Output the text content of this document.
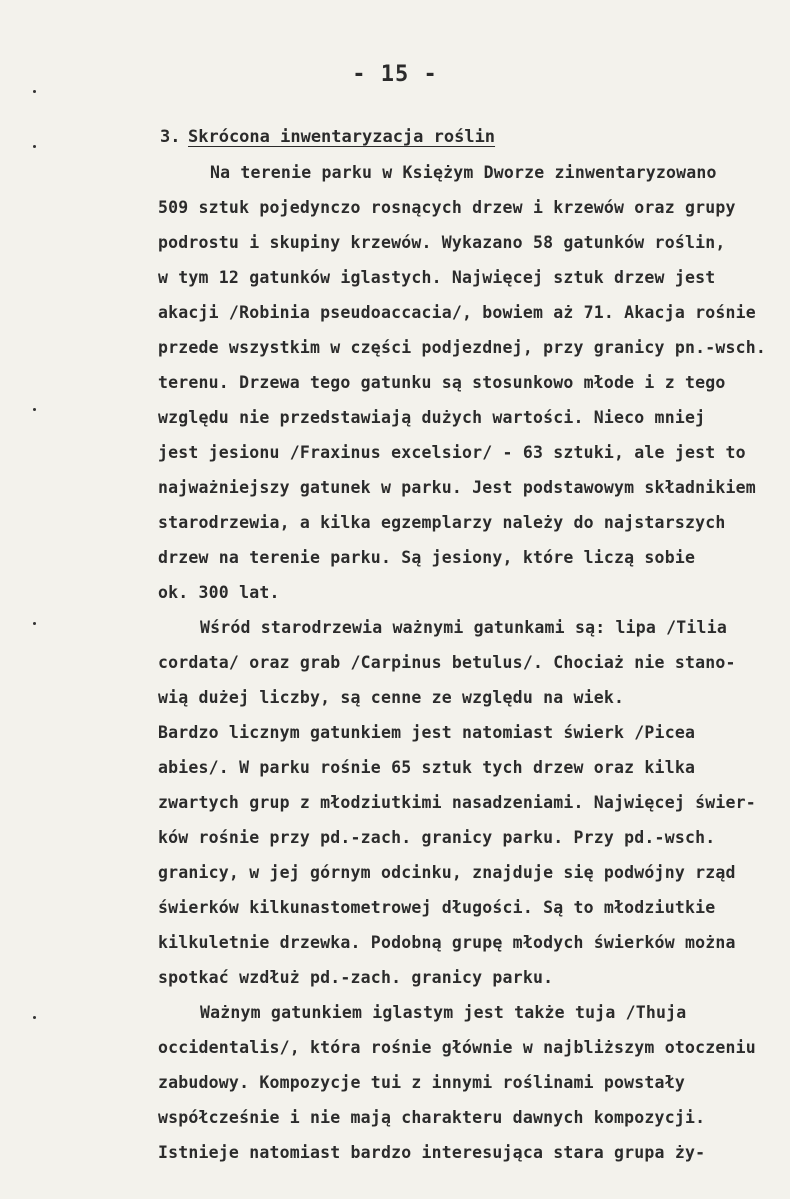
- 15 -
3. Skrócona inwentaryzacja roślin
Na terenie parku w Księżym Dworze zinwentaryzowano
509 sztuk pojedynczo rosnących drzew i krzewów oraz grupy
podrostu i skupiny krzewów. Wykazano 58 gatunków roślin,
w tym 12 gatunków iglastych. Najwięcej sztuk drzew jest
akacji /Robinia pseudoaccacia/, bowiem aż 71. Akacja rośnie
przede wszystkim w części podjezdnej, przy granicy pn.-wsch.
terenu. Drzewa tego gatunku są stosunkowo młode i z tego
względu nie przedstawiają dużych wartości. Nieco mniej
jest jesionu /Fraxinus excelsior/ - 63 sztuki, ale jest to
najważniejszy gatunek w parku. Jest podstawowym składnikiem
starodrzewia, a kilka egzemplarzy należy do najstarszych
drzew na terenie parku. Są jesiony, które liczą sobie
ok. 300 lat.
Wśród starodrzewia ważnymi gatunkami są: lipa /Tilia
cordata/ oraz grab /Carpinus betulus/. Chociaż nie stano-
wią dużej liczby, są cenne ze względu na wiek.
Bardzo licznym gatunkiem jest natomiast świerk /Picea
abies/. W parku rośnie 65 sztuk tych drzew oraz kilka
zwartych grup z młodziutkimi nasadzeniami. Najwięcej świer-
ków rośnie przy pd.-zach. granicy parku. Przy pd.-wsch.
granicy, w jej górnym odcinku, znajduje się podwójny rząd
świerków kilkunastometrowej długości. Są to młodziutkie
kilkuletnie drzewka. Podobną grupę młodych świerków można
spotkać wzdłuż pd.-zach. granicy parku.
Ważnym gatunkiem iglastym jest także tuja /Thuja
occidentalis/, która rośnie głównie w najbliższym otoczeniu
zabudowy. Kompozycje tui z innymi roślinami powstały
współcześnie i nie mają charakteru dawnych kompozycji.
Istnieje natomiast bardzo interesująca stara grupa ży-
